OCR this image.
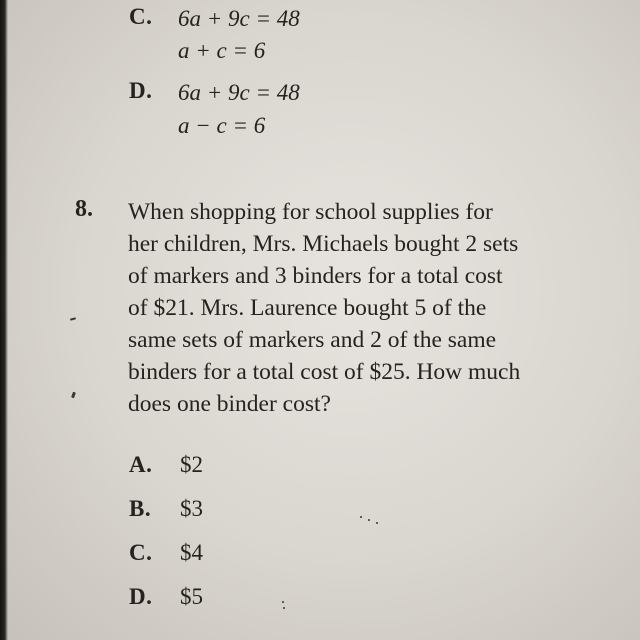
C. 6a + 9c = 48
a + c = 6
D. 6a + 9c = 48
a − c = 6
8. When shopping for school supplies for
her children, Mrs. Michaels bought 2 sets
of markers and 3 binders for a total cost
of $21. Mrs. Laurence bought 5 of the
same sets of markers and 2 of the same
binders for a total cost of $25. How much
does one binder cost?
A. $2
B. $3
C. $4
D. $5
